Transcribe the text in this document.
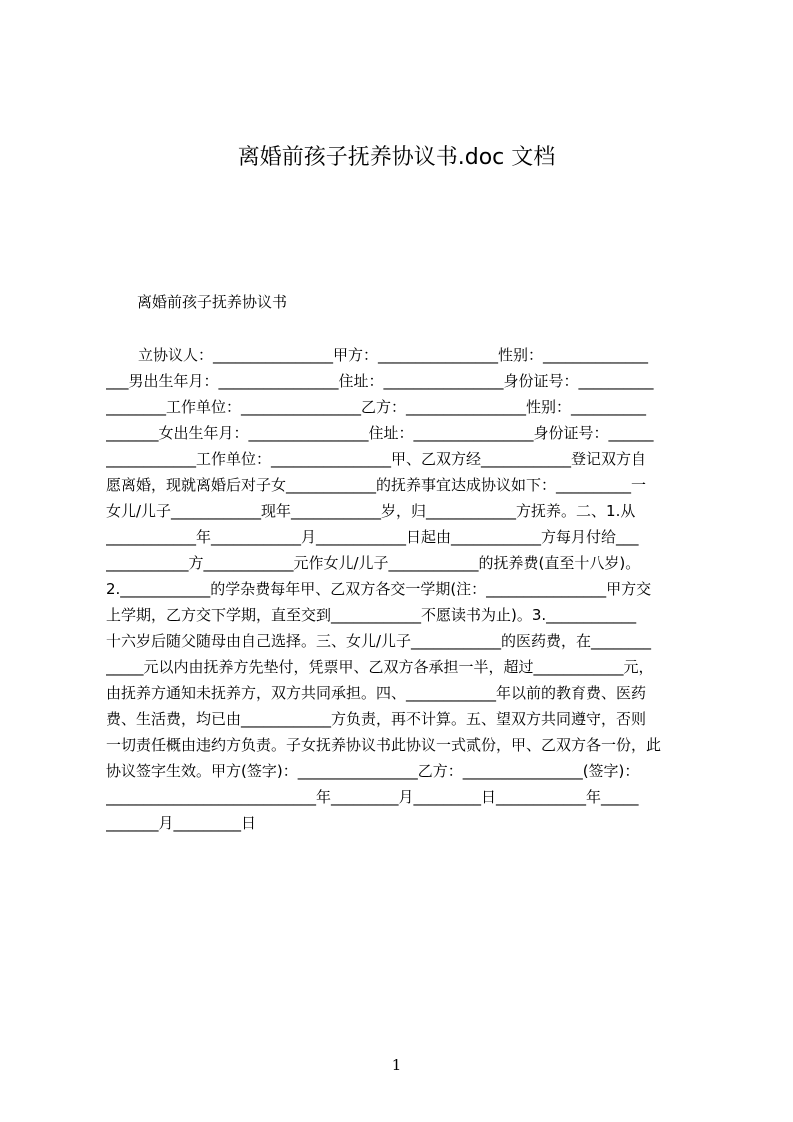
离婚前孩子抚养协议书.doc 文档
离婚前孩子抚养协议书
立协议人：________________甲方：________________性别：______________
___男出生年月：________________住址：________________身份证号：__________
________工作单位：________________乙方：________________性别：__________
_______女出生年月：________________住址：________________身份证号：______
____________工作单位：________________甲、乙双方经____________登记双方自
愿离婚，现就离婚后对子女____________的抚养事宜达成协议如下：__________一
女儿/儿子____________现年____________岁，归____________方抚养。二、1.从
____________年____________月____________日起由____________方每月付给___
___________方____________元作女儿/儿子____________的抚养费(直至十八岁)。
2.____________的学杂费每年甲、乙双方各交一学期(注：________________甲方交
上学期，乙方交下学期，直至交到____________不愿读书为止)。3.____________
十六岁后随父随母由自己选择。三、女儿/儿子____________的医药费，在________
_____元以内由抚养方先垫付，凭票甲、乙双方各承担一半，超过____________元，
由抚养方通知未抚养方，双方共同承担。四、____________年以前的教育费、医药
费、生活费，均已由____________方负责，再不计算。五、望双方共同遵守，否则
一切责任概由违约方负责。子女抚养协议书此协议一式贰份，甲、乙双方各一份，此
协议签字生效。甲方(签字)：________________乙方：________________(签字)：
____________________________年_________月_________日____________年_____
_______月_________日
1
